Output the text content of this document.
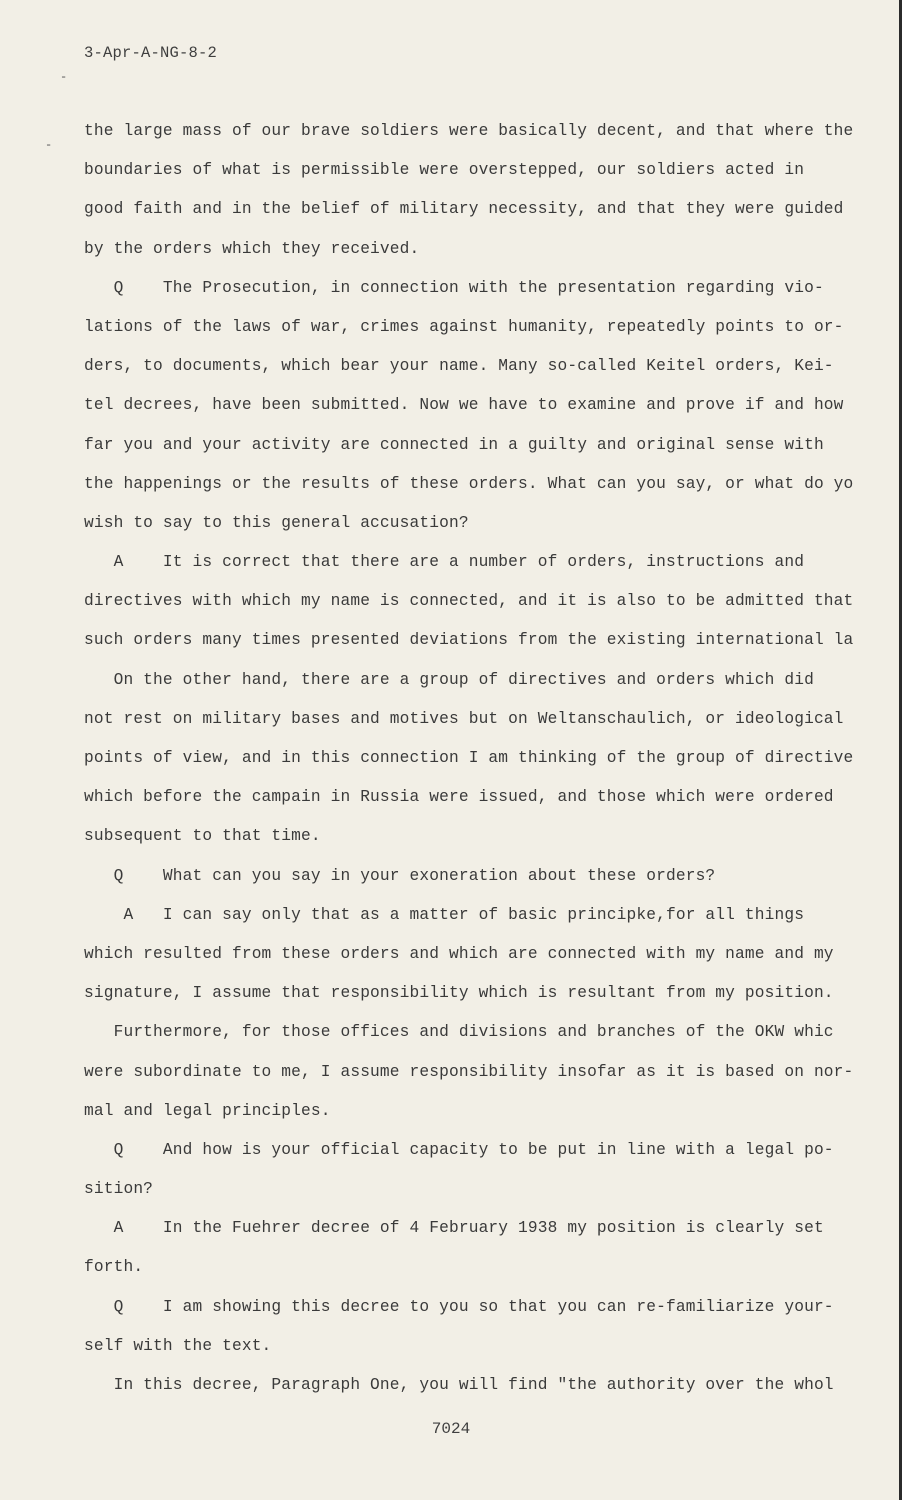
3-Apr-A-NG-8-2
-
-
the large mass of our brave soldiers were basically decent, and that where the
boundaries of what is permissible were overstepped, our soldiers acted in
good faith and in the belief of military necessity, and that they were guided
by the orders which they received.
Q    The Prosecution, in connection with the presentation regarding vio-
lations of the laws of war, crimes against humanity, repeatedly points to or-
ders, to documents, which bear your name. Many so-called Keitel orders, Kei-
tel decrees, have been submitted. Now we have to examine and prove if and how
far you and your activity are connected in a guilty and original sense with
the happenings or the results of these orders. What can you say, or what do yo
wish to say to this general accusation?
A    It is correct that there are a number of orders, instructions and
directives with which my name is connected, and it is also to be admitted that
such orders many times presented deviations from the existing international la
On the other hand, there are a group of directives and orders which did
not rest on military bases and motives but on Weltanschaulich, or ideological
points of view, and in this connection I am thinking of the group of directive
which before the campain in Russia were issued, and those which were ordered
subsequent to that time.
Q    What can you say in your exoneration about these orders?
A   I can say only that as a matter of basic principke,for all things
which resulted from these orders and which are connected with my name and my
signature, I assume that responsibility which is resultant from my position.
Furthermore, for those offices and divisions and branches of the OKW whic
were subordinate to me, I assume responsibility insofar as it is based on nor-
mal and legal principles.
Q    And how is your official capacity to be put in line with a legal po-
sition?
A    In the Fuehrer decree of 4 February 1938 my position is clearly set
forth.
Q    I am showing this decree to you so that you can re-familiarize your-
self with the text.
In this decree, Paragraph One, you will find "the authority over the whol
7024
